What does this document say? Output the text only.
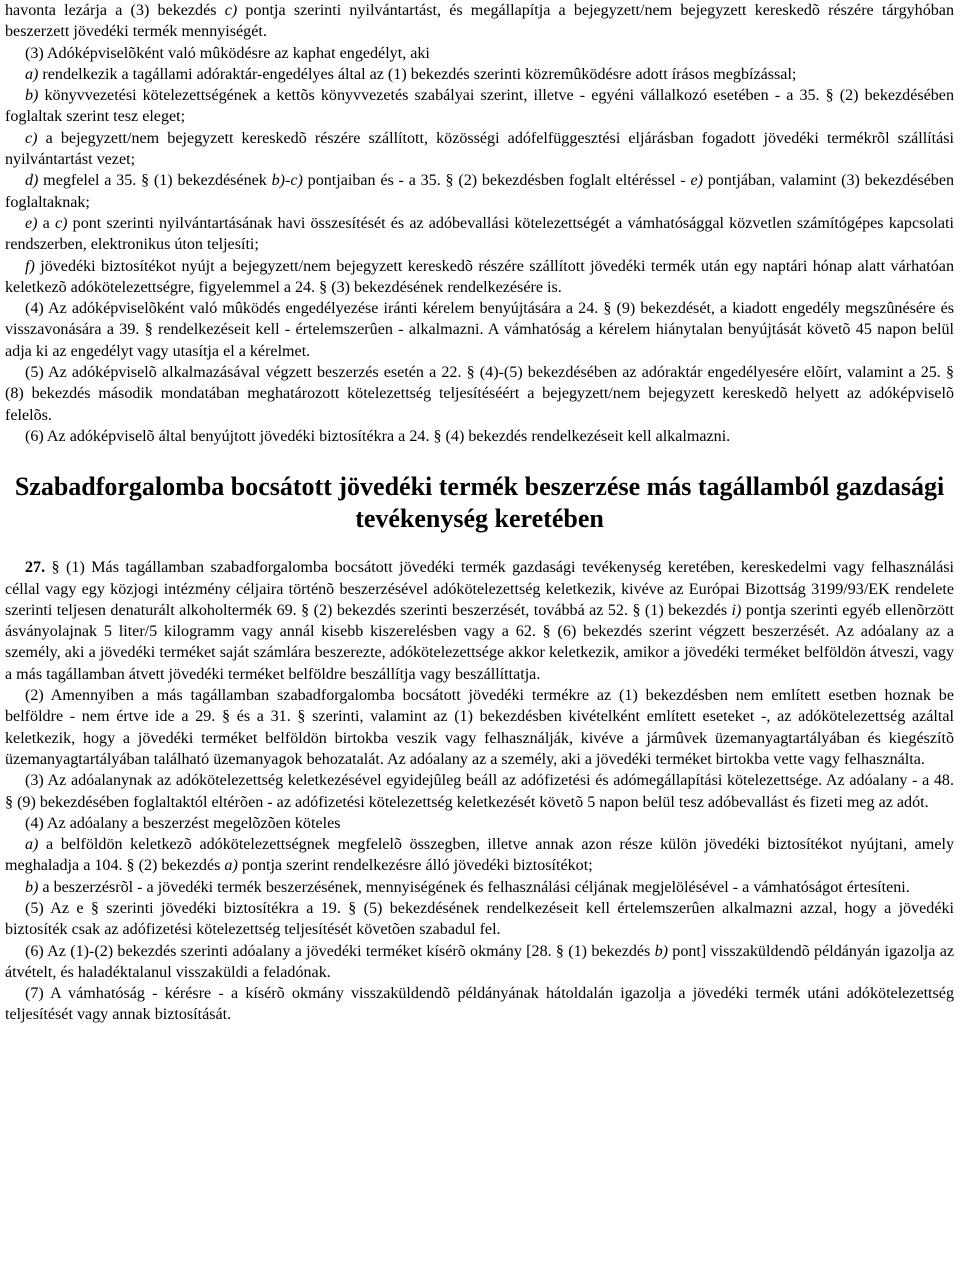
havonta lezárja a (3) bekezdés c) pontja szerinti nyilvántartást, és megállapítja a bejegyzett/nem bejegyzett kereskedõ részére tárgyhóban beszerzett jövedéki termék mennyiségét.

(3) Adóképviselõként való mûködésre az kaphat engedélyt, aki

a) rendelkezik a tagállami adóraktár-engedélyes által az (1) bekezdés szerinti közremûködésre adott írásos megbízással;

b) könyvvezetési kötelezettségének a kettõs könyvvezetés szabályai szerint, illetve - egyéni vállalkozó esetében - a 35. § (2) bekezdésében foglaltak szerint tesz eleget;

c) a bejegyzett/nem bejegyzett kereskedõ részére szállított, közösségi adófelfüggesztési eljárásban fogadott jövedéki termékrõl szállítási nyilvántartást vezet;

d) megfelel a 35. § (1) bekezdésének b)-c) pontjaiban és - a 35. § (2) bekezdésben foglalt eltéréssel - e) pontjában, valamint (3) bekezdésében foglaltaknak;

e) a c) pont szerinti nyilvántartásának havi összesítését és az adóbevallási kötelezettségét a vámhatósággal közvetlen számítógépes kapcsolati rendszerben, elektronikus úton teljesíti;

f) jövedéki biztosítékot nyújt a bejegyzett/nem bejegyzett kereskedõ részére szállított jövedéki termék után egy naptári hónap alatt várhatóan keletkezõ adókötelezettségre, figyelemmel a 24. § (3) bekezdésének rendelkezésére is.

(4) Az adóképviselõként való mûködés engedélyezése iránti kérelem benyújtására a 24. § (9) bekezdését, a kiadott engedély megszûnésére és visszavonására a 39. § rendelkezéseit kell - értelemszerûen - alkalmazni. A vámhatóság a kérelem hiánytalan benyújtását követõ 45 napon belül adja ki az engedélyt vagy utasítja el a kérelmet.

(5) Az adóképviselõ alkalmazásával végzett beszerzés esetén a 22. § (4)-(5) bekezdésében az adóraktár engedélyesére elõírt, valamint a 25. § (8) bekezdés második mondatában meghatározott kötelezettség teljesítéséért a bejegyzett/nem bejegyzett kereskedõ helyett az adóképviselõ felelõs.

(6) Az adóképviselõ által benyújtott jövedéki biztosítékra a 24. § (4) bekezdés rendelkezéseit kell alkalmazni.

Szabadforgalomba bocsátott jövedéki termék beszerzése más tagállamból gazdasági tevékenység keretében

27. § (1) Más tagállamban szabadforgalomba bocsátott jövedéki termék gazdasági tevékenység keretében, kereskedelmi vagy felhasználási céllal vagy egy közjogi intézmény céljaira történõ beszerzésével adókötelezettség keletkezik, kivéve az Európai Bizottság 3199/93/EK rendelete szerinti teljesen denaturált alkoholtermék 69. § (2) bekezdés szerinti beszerzését, továbbá az 52. § (1) bekezdés i) pontja szerinti egyéb ellenõrzött ásványolajnak 5 liter/5 kilogramm vagy annál kisebb kiszerelésben vagy a 62. § (6) bekezdés szerint végzett beszerzését. Az adóalany az a személy, aki a jövedéki terméket saját számlára beszerezte, adókötelezettsége akkor keletkezik, amikor a jövedéki terméket belföldön átveszi, vagy a más tagállamban átvett jövedéki terméket belföldre beszállítja vagy beszállíttatja.

(2) Amennyiben a más tagállamban szabadforgalomba bocsátott jövedéki termékre az (1) bekezdésben nem említett esetben hoznak be belföldre - nem értve ide a 29. § és a 31. § szerinti, valamint az (1) bekezdésben kivételként említett eseteket -, az adókötelezettség azáltal keletkezik, hogy a jövedéki terméket belföldön birtokba veszik vagy felhasználják, kivéve a jármûvek üzemanyagtartályában és kiegészítõ üzemanyagtartályában található üzemanyagok behozatalát. Az adóalany az a személy, aki a jövedéki terméket birtokba vette vagy felhasználta.

(3) Az adóalanynak az adókötelezettség keletkezésével egyidejûleg beáll az adófizetési és adómegállapítási kötelezettsége. Az adóalany - a 48. § (9) bekezdésében foglaltaktól eltérõen - az adófizetési kötelezettség keletkezését követõ 5 napon belül tesz adóbevallást és fizeti meg az adót.

(4) Az adóalany a beszerzést megelõzõen köteles

a) a belföldön keletkezõ adókötelezettségnek megfelelõ összegben, illetve annak azon része külön jövedéki biztosítékot nyújtani, amely meghaladja a 104. § (2) bekezdés a) pontja szerint rendelkezésre álló jövedéki biztosítékot;

b) a beszerzésrõl - a jövedéki termék beszerzésének, mennyiségének és felhasználási céljának megjelölésével - a vámhatóságot értesíteni.

(5) Az e § szerinti jövedéki biztosítékra a 19. § (5) bekezdésének rendelkezéseit kell értelemszerûen alkalmazni azzal, hogy a jövedéki biztosíték csak az adófizetési kötelezettség teljesítését követõen szabadul fel.

(6) Az (1)-(2) bekezdés szerinti adóalany a jövedéki terméket kísérõ okmány [28. § (1) bekezdés b) pont] visszaküldendõ példányán igazolja az átvételt, és haladéktalanul visszaküldi a feladónak.

(7) A vámhatóság - kérésre - a kísérõ okmány visszaküldendõ példányának hátoldalán igazolja a jövedéki termék utáni adókötelezettség teljesítését vagy annak biztosítását.
